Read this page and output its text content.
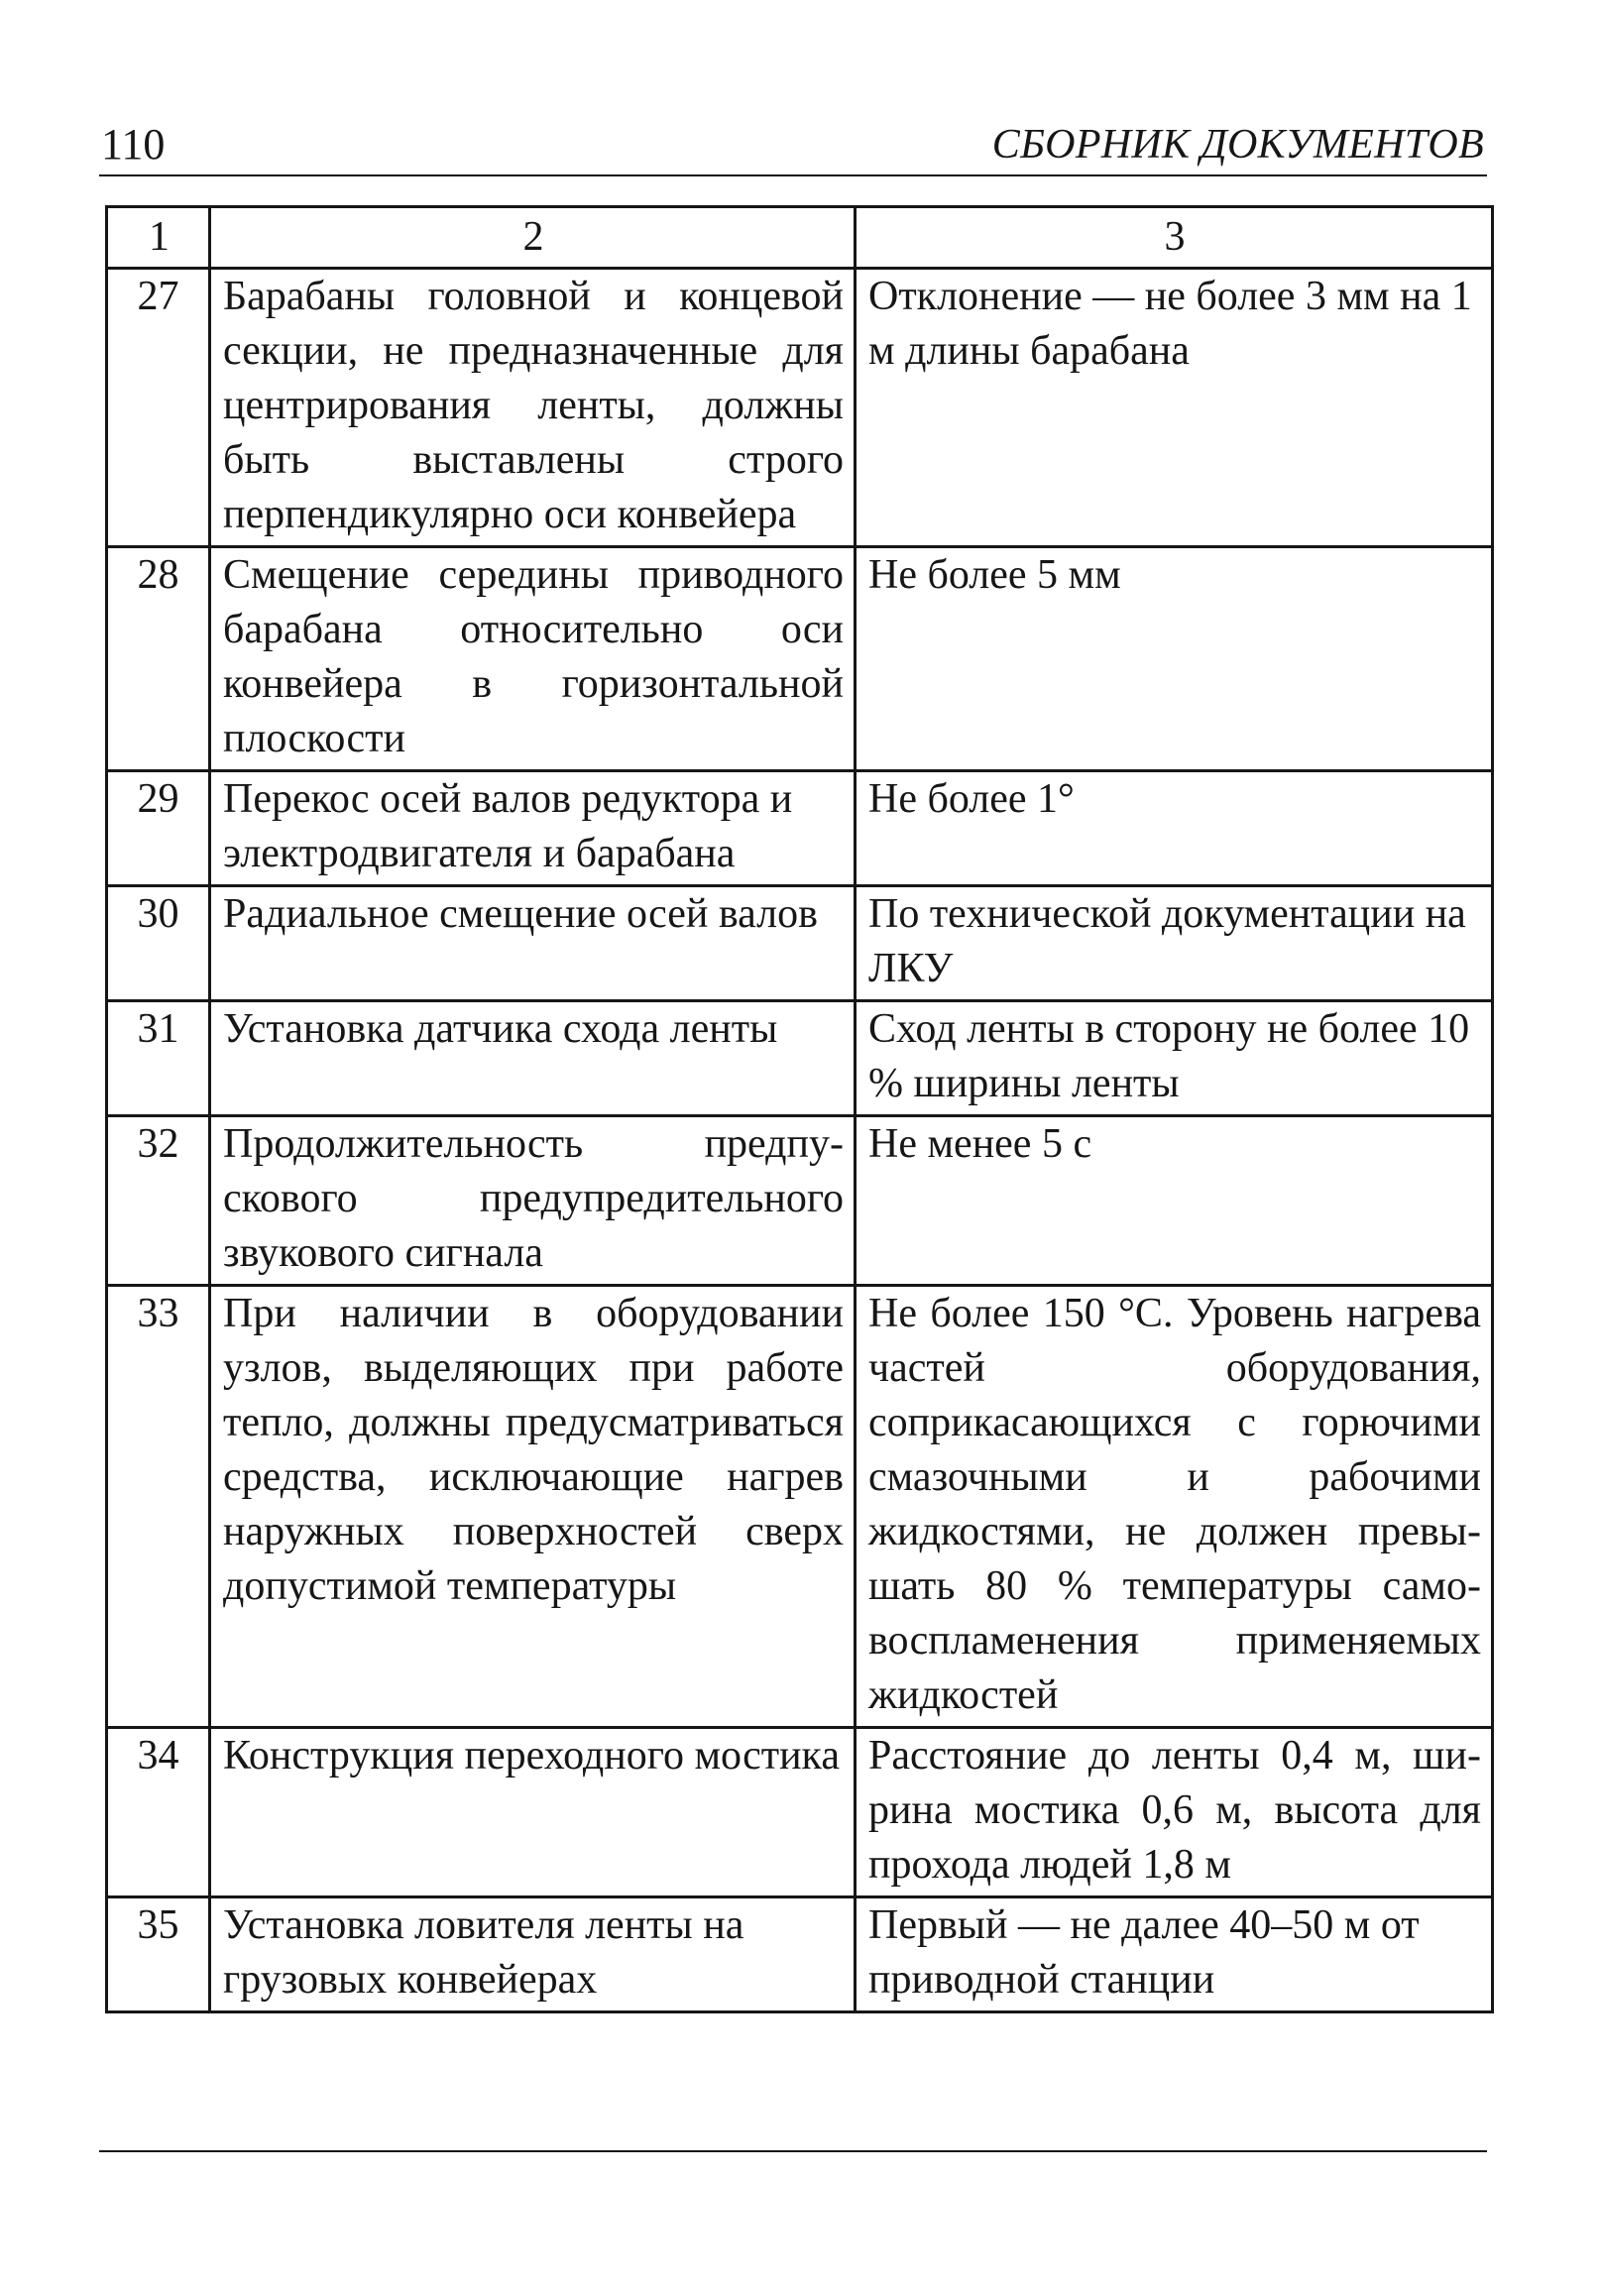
110	СБОРНИК ДОКУМЕНТОВ
1	2	3
27	Барабаны головной и концевой секции, не предназначенные для центрирования ленты, должны быть выставлены строго перпендикулярно оси конвейера	Отклонение — не более 3 мм на 1 м длины барабана
28	Смещение середины приводного барабана относительно оси конвейера в горизонтальной плоскости	Не более 5 мм
29	Перекос осей валов редуктора и электродвигателя и барабана	Не более 1°
30	Радиальное смещение осей валов	По технической документации на ЛКУ
31	Установка датчика схода ленты	Сход ленты в сторону не более 10 % ширины ленты
32	Продолжительность предпускового предупредительного звукового сигнала	Не менее 5 с
33	При наличии в оборудовании узлов, выделяющих при работе тепло, должны предусматриваться средства, исключающие нагрев наружных поверхностей сверх допустимой температуры	Не более 150 °С. Уровень нагрева частей оборудования, соприкасающихся с горючими смазочными и рабочими жидкостями, не должен превышать 80 % температуры самовоспламенения применяемых жидкостей
34	Конструкция переходного мостика	Расстояние до ленты 0,4 м, ширина мостика 0,6 м, высота для прохода людей 1,8 м
35	Установка ловителя ленты на грузовых конвейерах	Первый — не далее 40–50 м от приводной станции
